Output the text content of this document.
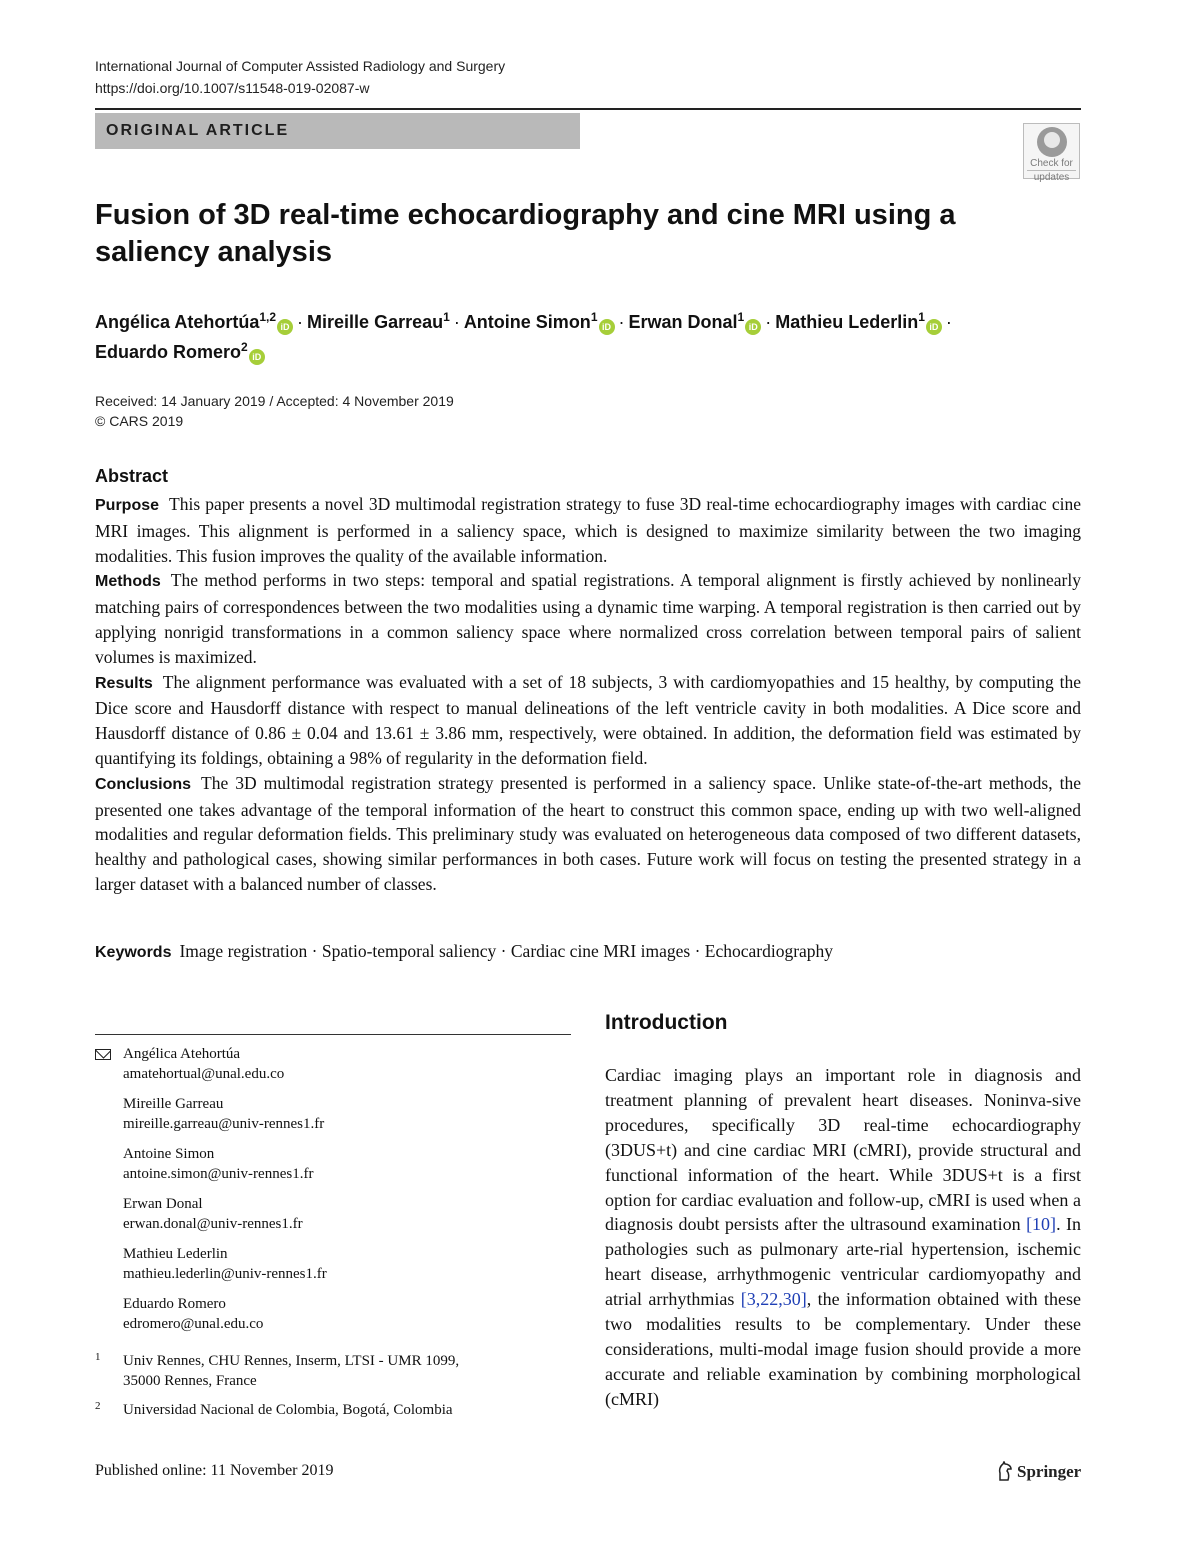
International Journal of Computer Assisted Radiology and Surgery
https://doi.org/10.1007/s11548-019-02087-w
ORIGINAL ARTICLE
Check for
updates
Fusion of 3D real-time echocardiography and cine MRI using a saliency analysis
Angélica Atehortúa$^{1,2}$iD · Mireille Garreau$^1$ · Antoine Simon$^1$iD · Erwan Donal$^1$iD · Mathieu Lederlin$^1$iD ·
Eduardo Romero$^2$iD
Received: 14 January 2019 / Accepted: 4 November 2019
© CARS 2019
Abstract

Purpose This paper presents a novel 3D multimodal registration strategy to fuse 3D real-time echocardiography images with cardiac cine MRI images. This alignment is performed in a saliency space, which is designed to maximize similarity between the two imaging modalities. This fusion improves the quality of the available information.

Methods The method performs in two steps: temporal and spatial registrations. A temporal alignment is firstly achieved by nonlinearly matching pairs of correspondences between the two modalities using a dynamic time warping. A temporal registration is then carried out by applying nonrigid transformations in a common saliency space where normalized cross correlation between temporal pairs of salient volumes is maximized.

Results The alignment performance was evaluated with a set of 18 subjects, 3 with cardiomyopathies and 15 healthy, by computing the Dice score and Hausdorff distance with respect to manual delineations of the left ventricle cavity in both modalities. A Dice score and Hausdorff distance of 0.86 ± 0.04 and 13.61 ± 3.86 mm, respectively, were obtained. In addition, the deformation field was estimated by quantifying its foldings, obtaining a 98% of regularity in the deformation field.

Conclusions The 3D multimodal registration strategy presented is performed in a saliency space. Unlike state-of-the-art methods, the presented one takes advantage of the temporal information of the heart to construct this common space, ending up with two well-aligned modalities and regular deformation fields. This preliminary study was evaluated on heterogeneous data composed of two different datasets, healthy and pathological cases, showing similar performances in both cases. Future work will focus on testing the presented strategy in a larger dataset with a balanced number of classes.

Keywords Image registration · Spatio-temporal saliency · Cardiac cine MRI images · Echocardiography
Angélica Atehortúa
amatehortual@unal.edu.co
Mireille Garreau
mireille.garreau@univ-rennes1.fr
Antoine Simon
antoine.simon@univ-rennes1.fr
Erwan Donal
erwan.donal@univ-rennes1.fr
Mathieu Lederlin
mathieu.lederlin@univ-rennes1.fr
Eduardo Romero
edromero@unal.edu.co
1 Univ Rennes, CHU Rennes, Inserm, LTSI - UMR 1099,
35000 Rennes, France
2 Universidad Nacional de Colombia, Bogotá, Colombia
Introduction
Cardiac imaging plays an important role in diagnosis and treatment planning of prevalent heart diseases. Noninva-sive procedures, specifically 3D real-time echocardiography (3DUS+t) and cine cardiac MRI (cMRI), provide structural and functional information of the heart. While 3DUS+t is a first option for cardiac evaluation and follow-up, cMRI is used when a diagnosis doubt persists after the ultrasound examination [10]. In pathologies such as pulmonary arte-rial hypertension, ischemic heart disease, arrhythmogenic ventricular cardiomyopathy and atrial arrhythmias [3,22,30], the information obtained with these two modalities results to be complementary. Under these considerations, multi-modal image fusion should provide a more accurate and reliable examination by combining morphological (cMRI)
Published online: 11 November 2019	Springer
